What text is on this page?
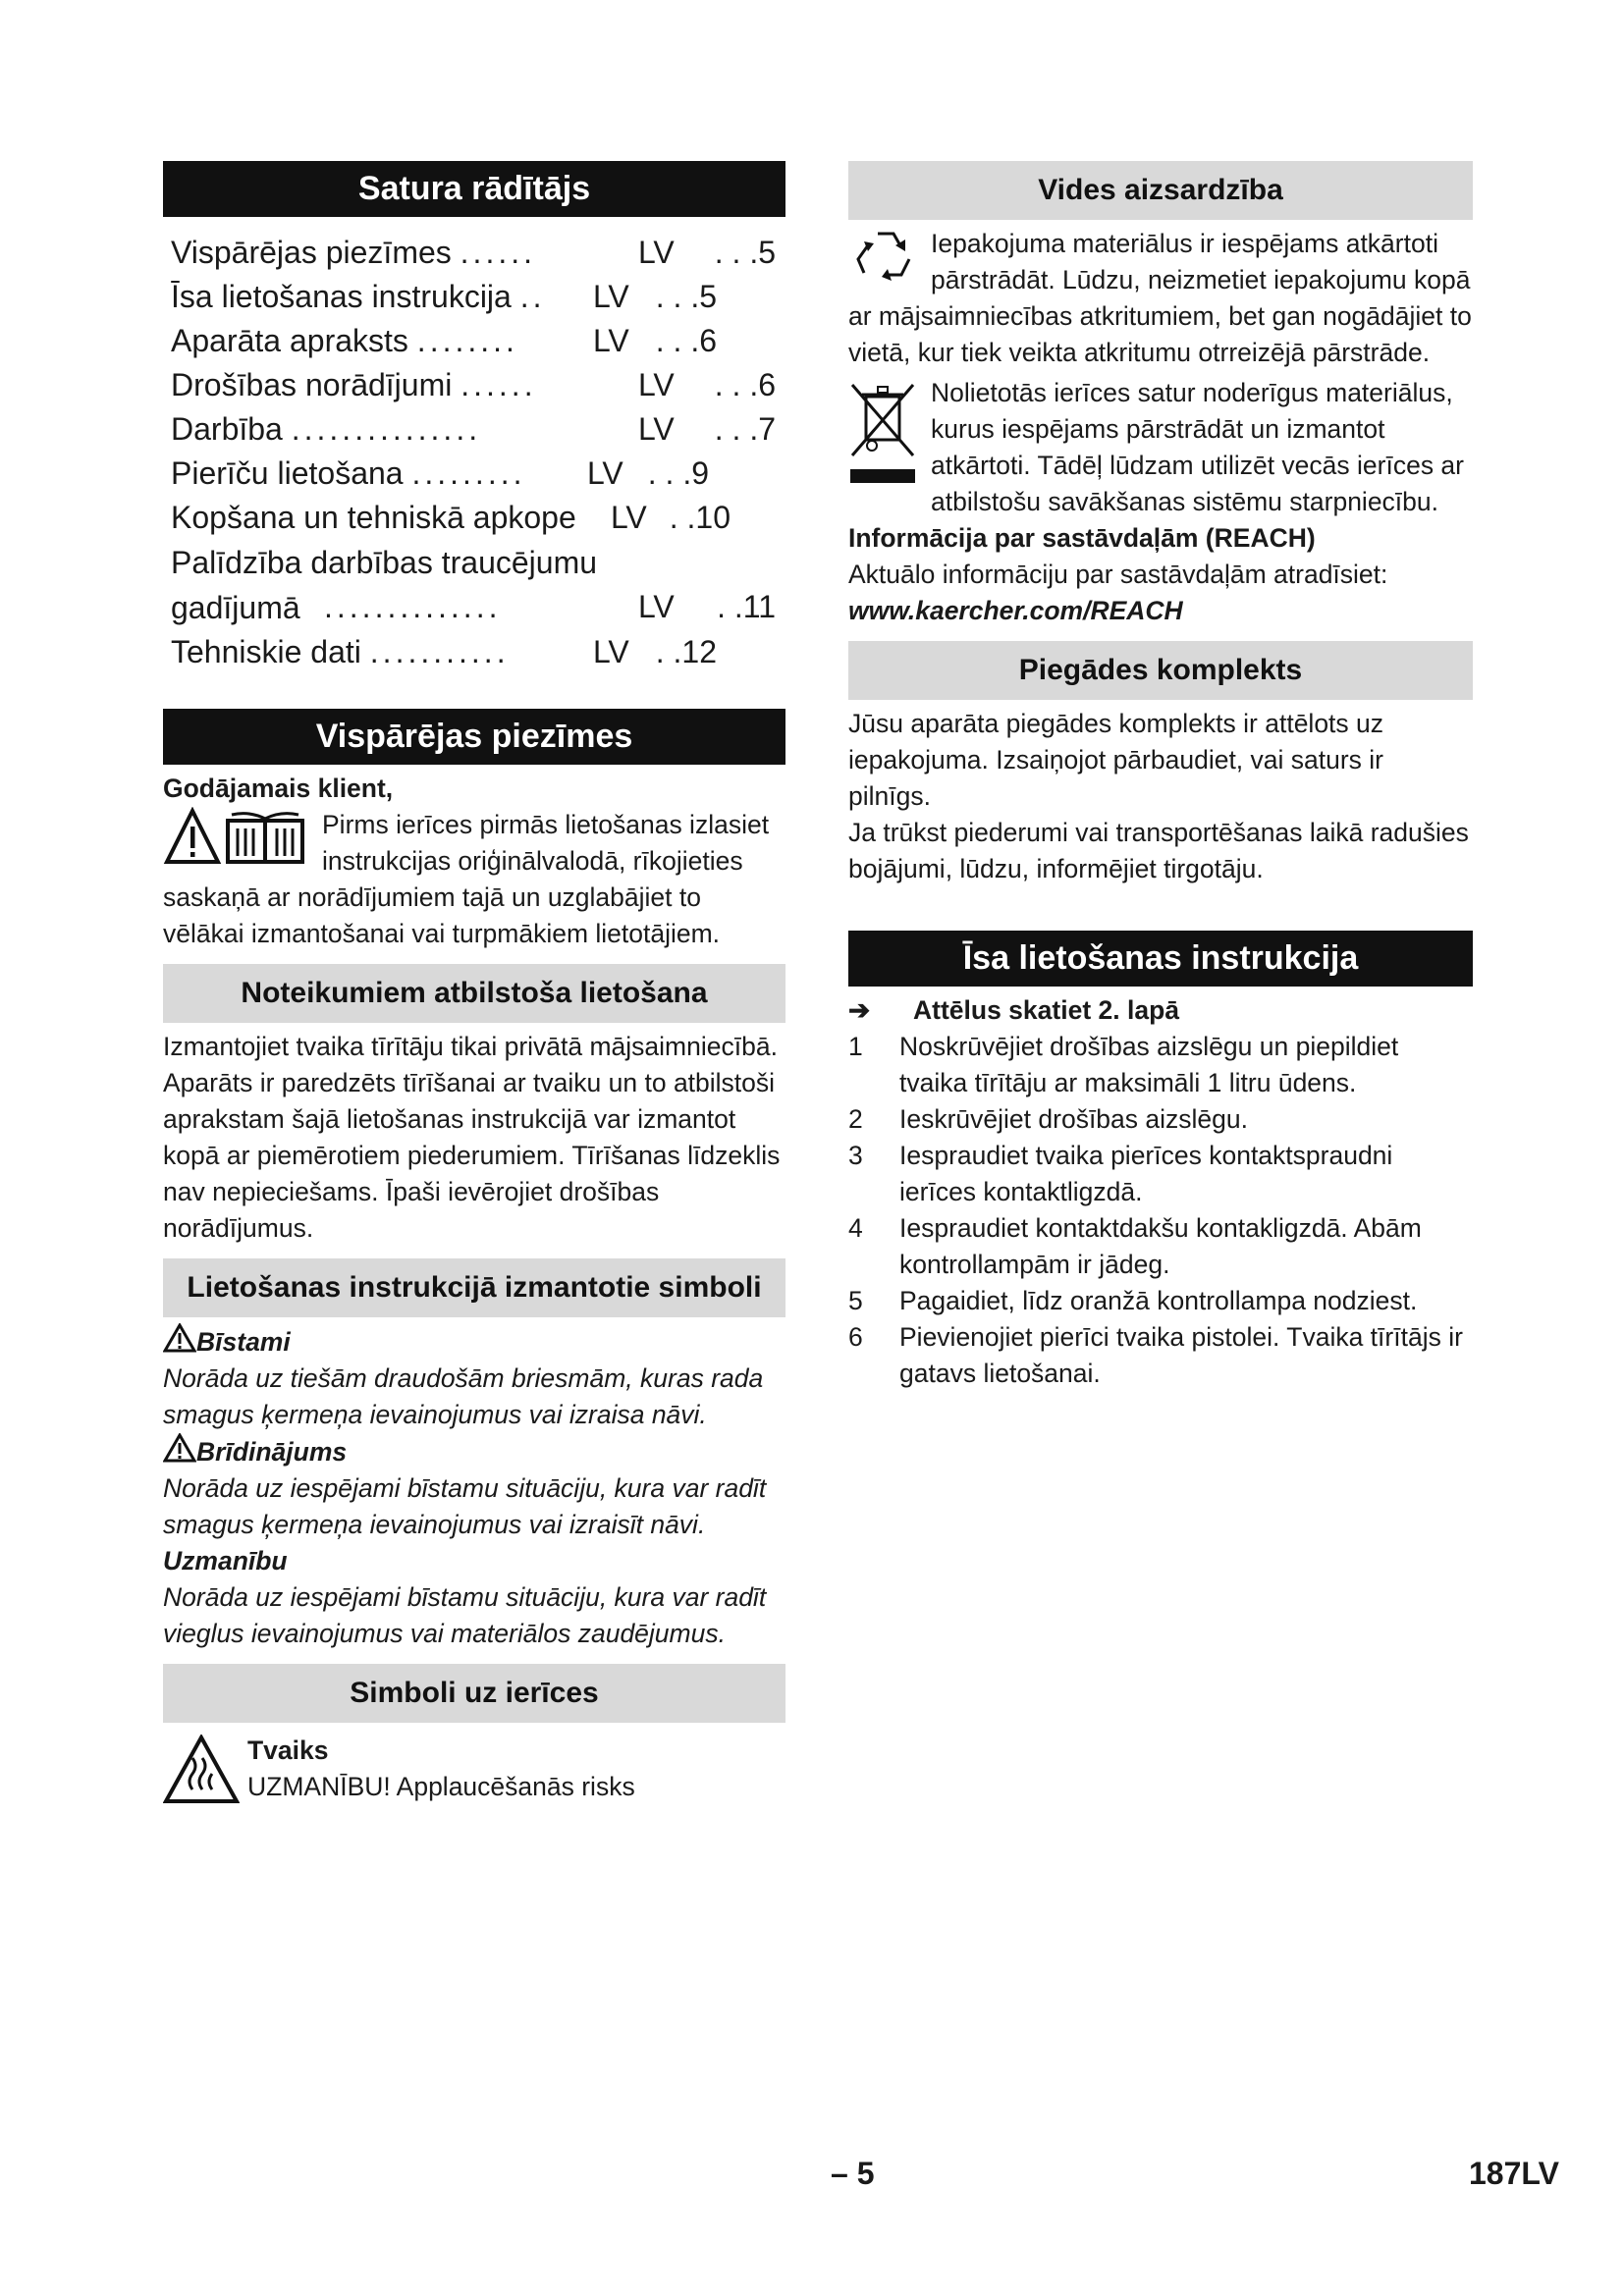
Satura rādītājs
Vispārējas piezīmes ......	LV . . .5
Īsa lietošanas instrukcija .. LV . . .5
Aparāta apraksts ........ LV . . .6
Drošības norādījumi ......	LV . . .6
Darbība ...............	LV . . .7
Pierīču lietošana ......... LV . . .9
Kopšana un tehniskā apkope LV . .10
Palīdzība darbības traucējumu gadījumā ..............	LV . .11
Tehniskie dati ...........	LV . .12
Vispārējas piezīmes
Godājamais klient,
Pirms ierīces pirmās lietošanas izlasiet instrukcijas oriģinālvalodā, rīkojieties saskaņā ar norādījumiem tajā un uzglabājiet to vēlākai izmantošanai vai turpmākiem lietotājiem.
Noteikumiem atbilstoša lietošana

Izmantojiet tvaika tīrītāju tikai privātā mājsaimniecībā.

Aparāts ir paredzēts tīrīšanai ar tvaiku un to atbilstoši aprakstam šajā lietošanas instrukcijā var izmantot kopā ar piemērotiem piederumiem. Tīrīšanas līdzeklis nav nepieciešams. Īpaši ievērojiet drošības norādījumus.

Lietošanas instrukcijā izmantotie simboli
Bīstami
Norāda uz tiešām draudošām briesmām, kuras rada smagus ķermeņa ievainojumus vai izraisa nāvi.
Brīdinājums
Norāda uz iespējami bīstamu situāciju, kura var radīt smagus ķermeņa ievainojumus vai izraisīt nāvi.
Uzmanību
Norāda uz iespējami bīstamu situāciju, kura var radīt vieglus ievainojumus vai materiālos zaudējumus.
Simboli uz ierīces
Tvaiks
UZMANĪBU! Applaucēšanās risks
Vides aizsardzība
Iepakojuma materiālus ir iespējams atkārtoti pārstrādāt. Lūdzu, neizmetiet iepakojumu kopā ar mājsaimniecības atkritumiem, bet gan nogādājiet to vietā, kur tiek veikta atkritumu otrreizējā pārstrāde.
Nolietotās ierīces satur noderīgus materiālus, kurus iespējams pārstrādāt un izmantot atkārtoti. Tādēļ lūdzam utilizēt vecās ierīces ar atbilstošu savākšanas sistēmu starpniecību.
Informācija par sastāvdaļām (REACH)
Aktuālo informāciju par sastāvdaļām atradīsiet:
www.kaercher.com/REACH
Piegādes komplekts

Jūsu aparāta piegādes komplekts ir attēlots uz iepakojuma. Izsaiņojot pārbaudiet, vai saturs ir pilnīgs.

Ja trūkst piederumi vai transportēšanas laikā radušies bojājumi, lūdzu, informējiet tirgotāju.

Īsa lietošanas instrukcija
➔ Attēlus skatiet 2. lapā
1 Noskrūvējiet drošības aizslēgu un piepildiet tvaika tīrītāju ar maksimāli 1 litru ūdens.
2 Ieskrūvējiet drošības aizslēgu.
3 Iespraudiet tvaika pierīces kontaktspraudni ierīces kontaktligzdā.
4 Iespraudiet kontaktdakšu kontakligzdā. Abām kontrollampām ir jādeg.
5 Pagaidiet, līdz oranžā kontrollampa nodziest.
6 Pievienojiet pierīci tvaika pistolei. Tvaika tīrītājs ir gatavs lietošanai.
– 5	187LV
